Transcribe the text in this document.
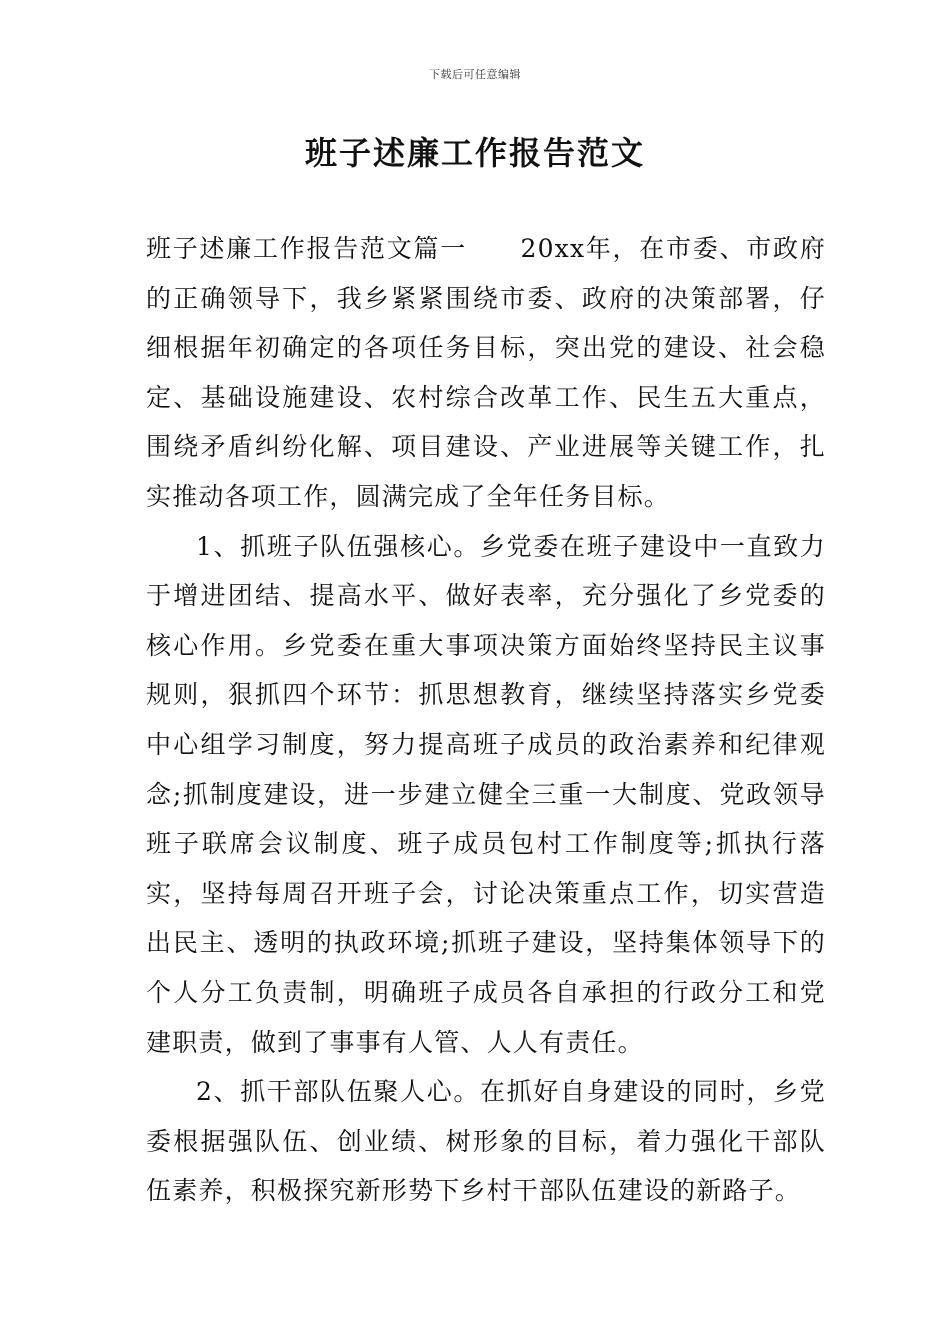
下载后可任意编辑
班子述廉工作报告范文

班子述廉工作报告范文篇一　　20xx年，在市委、市政府的正确领导下，我乡紧紧围绕市委、政府的决策部署，仔细根据年初确定的各项任务目标，突出党的建设、社会稳定、基础设施建设、农村综合改革工作、民生五大重点，围绕矛盾纠纷化解、项目建设、产业进展等关键工作，扎实推动各项工作，圆满完成了全年任务目标。

1、抓班子队伍强核心。乡党委在班子建设中一直致力于增进团结、提高水平、做好表率，充分强化了乡党委的核心作用。乡党委在重大事项决策方面始终坚持民主议事规则，狠抓四个环节：抓思想教育，继续坚持落实乡党委中心组学习制度，努力提高班子成员的政治素养和纪律观念;抓制度建设，进一步建立健全三重一大制度、党政领导班子联席会议制度、班子成员包村工作制度等;抓执行落实，坚持每周召开班子会，讨论决策重点工作，切实营造出民主、透明的执政环境;抓班子建设，坚持集体领导下的个人分工负责制，明确班子成员各自承担的行政分工和党建职责，做到了事事有人管、人人有责任。

2、抓干部队伍聚人心。在抓好自身建设的同时，乡党委根据强队伍、创业绩、树形象的目标，着力强化干部队伍素养，积极探究新形势下乡村干部队伍建设的新路子。
